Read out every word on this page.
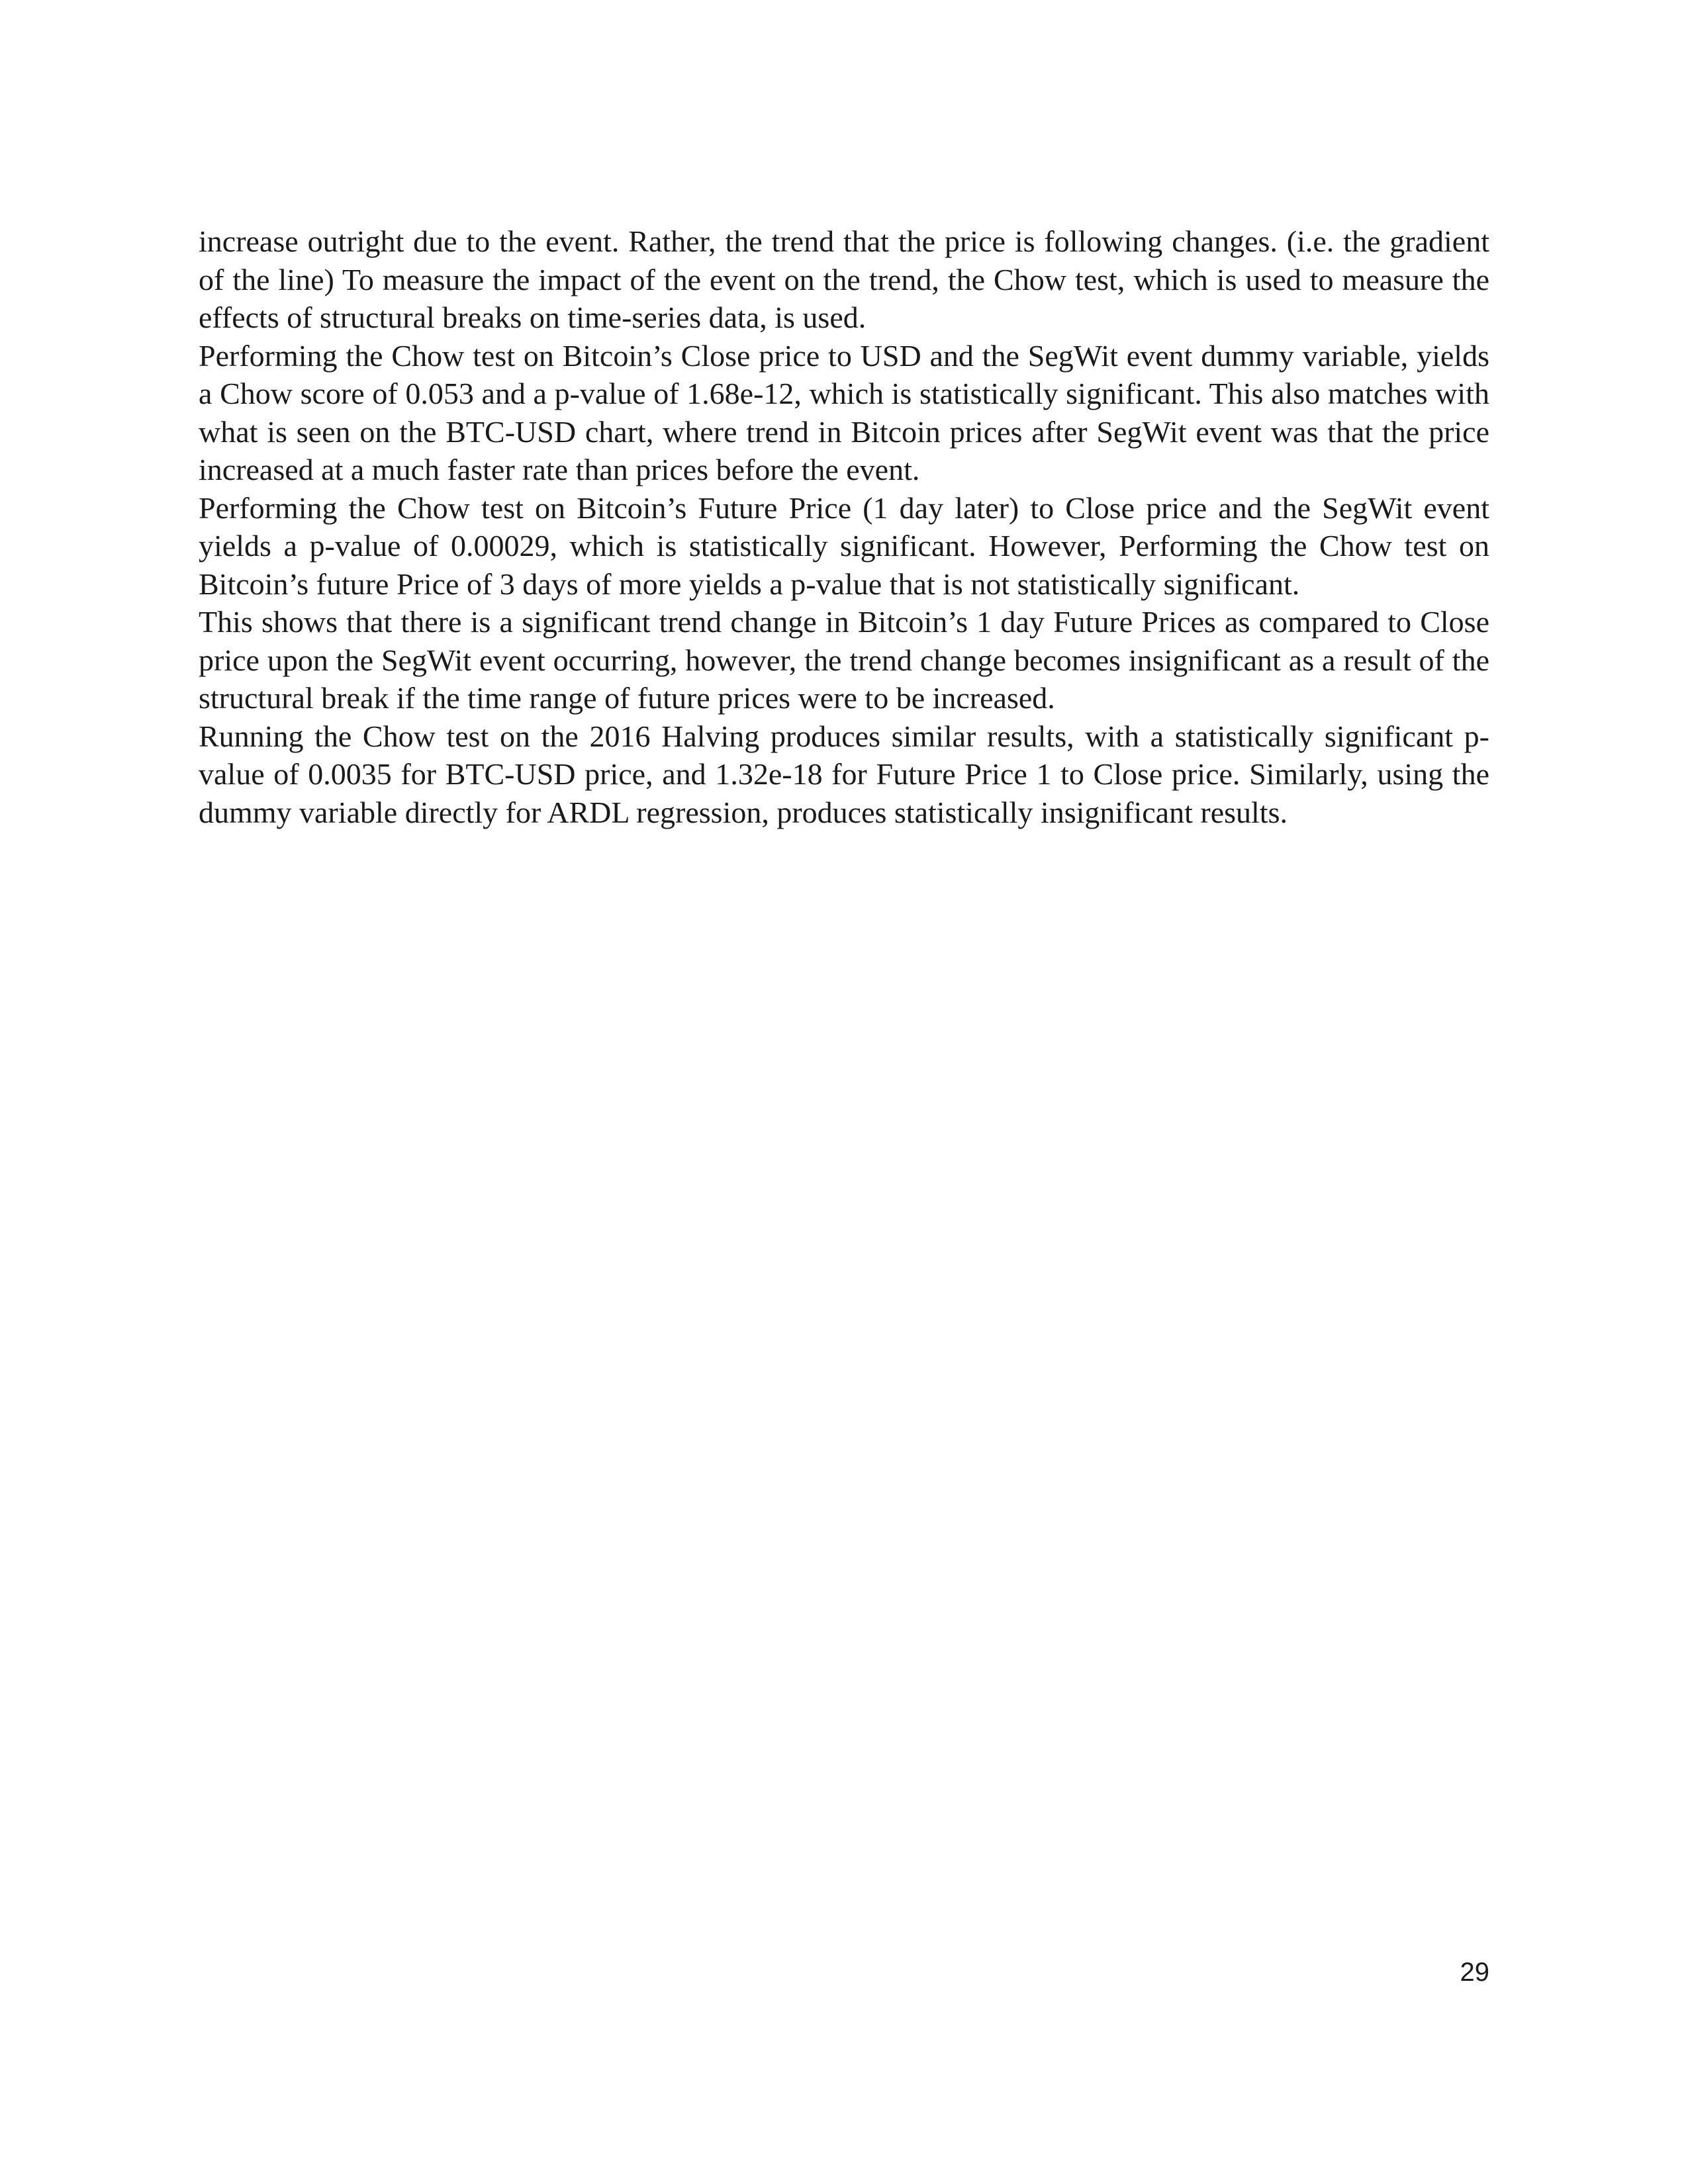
increase outright due to the event. Rather, the trend that the price is following changes. (i.e. the gradient of the line) To measure the impact of the event on the trend, the Chow test, which is used to measure the effects of structural breaks on time-series data, is used.

Performing the Chow test on Bitcoin’s Close price to USD and the SegWit event dummy variable, yields a Chow score of 0.053 and a p-value of 1.68e-12, which is statistically significant. This also matches with what is seen on the BTC-USD chart, where trend in Bitcoin prices after SegWit event was that the price increased at a much faster rate than prices before the event.

Performing the Chow test on Bitcoin’s Future Price (1 day later) to Close price and the SegWit event yields a p-value of 0.00029, which is statistically significant. However, Performing the Chow test on Bitcoin’s future Price of 3 days of more yields a p-value that is not statistically significant.

This shows that there is a significant trend change in Bitcoin’s 1 day Future Prices as compared to Close price upon the SegWit event occurring, however, the trend change becomes insignificant as a result of the structural break if the time range of future prices were to be increased.

Running the Chow test on the 2016 Halving produces similar results, with a statistically significant p-value of 0.0035 for BTC-USD price, and 1.32e-18 for Future Price 1 to Close price. Similarly, using the dummy variable directly for ARDL regression, produces statistically insignificant results.

29
